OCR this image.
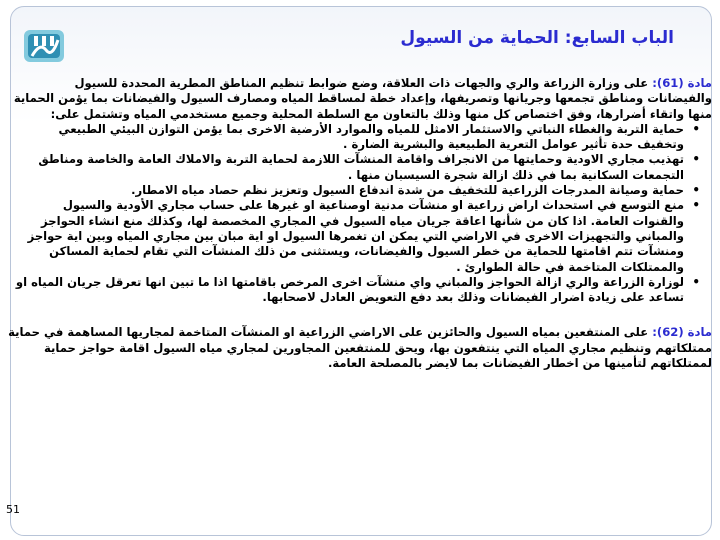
الباب السابع: الحماية من السيول

مادة (61): على وزارة الزراعة والري والجهات ذات العلاقة، وضع ضوابط تنظيم المناطق المطرية المحددة للسيول والفيضانات ومناطق تجمعها وجريانها وتصريفها، وإعداد خطة لمساقط المياه ومصارف السيول والفيضانات بما يؤمن الحماية منها واتقاء أضرارها، وفق اختصاص كل منها وذلك بالتعاون مع السلطة المحلية وجميع مستخدمي المياه وتشتمل على:

•
حماية التربة والغطاء النباتي والاستثمار الامثل للمياه والموارد الأرضية الاخرى بما يؤمن التوازن البيئي الطبيعي وتخفيف حدة تأثير عوامل التعرية الطبيعية والبشرية الضارة .
•
تهذيب مجاري الاودية وحمايتها من الانجراف واقامة المنشآت اللازمة لحماية التربة والاملاك العامة والخاصة ومناطق التجمعات السكانية بما في ذلك ازالة شجرة السيسبان منها .
•
حماية وصيانة المدرجات الزراعية للتخفيف من شدة اندفاع السيول وتعزيز نظم حصاد مياه الامطار.
•
منع التوسع في استحداث اراض زراعية او منشآت مدنية اوصناعية او غيرها على حساب مجاري الأودية والسيول والقنوات العامة. اذا كان من شأنها اعاقة جريان مياه السيول في المجاري المخصصة لها، وكذلك منع انشاء الحواجز والمباني والتجهيزات الاخرى في الاراضي التي يمكن ان تغمرها السيول او اية مبان بين مجاري المياه وبين اية حواجز ومنشآت تتم اقامتها للحماية من خطر السيول والفيضانات، ويستثنى من ذلك المنشآت التي تقام لحماية المساكن والممتلكات المتاخمة في حالة الطوارئ .
•
لوزارة الزراعة والري ازالة الحواجز والمباني واي منشآت اخرى المرخص باقامتها اذا ما تبين انها تعرقل جريان المياه او تساعد على زيادة اضرار الفيضانات وذلك بعد دفع التعويض العادل لاصحابها.

مادة (62): على المنتفعين بمياه السيول والحائزين على الاراضي الزراعية او المنشآت المتاخمة لمجاريها المساهمة في حماية ممتلكاتهم وتنظيم مجاري المياه التي ينتفعون بها، ويحق للمنتفعين المجاورين لمجاري مياه السيول اقامة حواجز حماية لممتلكاتهم لتأمينها من اخطار الفيضانات بما لايضر بالمصلحة العامة.

51
